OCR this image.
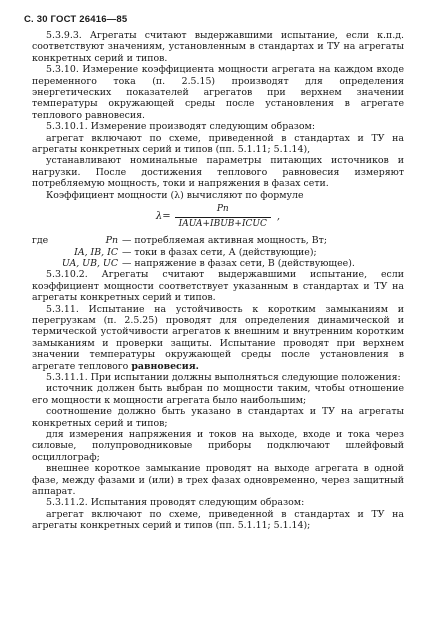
С. 30 ГОСТ 26416—85

5.3.9.3. Агрегаты считают выдержавшими испытание, если к.п.д. соответствуют значениям, установленным в стандартах и ТУ на агрегаты конкретных серий и типов.

5.3.10. Измерение коэффициента мощности агрегата на каждом входе переменного тока (п. 2.5.15) производят для определения энергетических показателей агрегатов при верхнем значении температуры окружающей среды после установления в агрегате теплового равновесия.

5.3.10.1. Измерение производят следующим образом:

агрегат включают по схеме, приведенной в стандартах и ТУ на агрегаты конкретных серий и типов (пп. 5.1.11; 5.1.14),

устанавливают номинальные параметры питающих источников и нагрузки. После достижения теплового равновесия измеряют потребляемую мощность, токи и напряжения в фазах сети.

Коэффициент мощности (λ) вычисляют по формуле

$\lambda= \frac{Pп}{\text{IAUA+IBUB+ICUC}}$ ,
где	Pп — потребляемая активная мощность, Вт;
IA, IB, IC — токи в фазах сети, А (действующие);
UA, UB, UC — напряжение в фазах сети, В (действующее).

5.3.10.2. Агрегаты считают выдержавшими испытание, если коэффициент мощности соответствует указанным в стандартах и ТУ на агрегаты конкретных серий и типов.

5.3.11. Испытание на устойчивость к коротким замыканиям и перегрузкам (п. 2.5.25) проводят для определения динамической и термической устойчивости агрегатов к внешним и внутренним коротким замыканиям и проверки защиты. Испытание проводят при верхнем значении температуры окружающей среды после установления в агрегате теплового равновесия.

5.3.11.1. При испытании должны выполняться следующие положения:

источник должен быть выбран по мощности таким, чтобы отношение его мощности к мощности агрегата было наибольшим;

соотношение должно быть указано в стандартах и ТУ на агрегаты конкретных серий и типов;

для измерения напряжения и токов на выходе, входе и тока через силовые, полупроводниковые приборы подключают шлейфовый осциллограф;

внешнее короткое замыкание проводят на выходе агрегата в одной фазе, между фазами и (или) в трех фазах одновременно, через защитный аппарат.

5.3.11.2. Испытания проводят следующим образом:

агрегат включают по схеме, приведенной в стандартах и ТУ на агрегаты конкретных серий и типов (пп. 5.1.11; 5.1.14);
